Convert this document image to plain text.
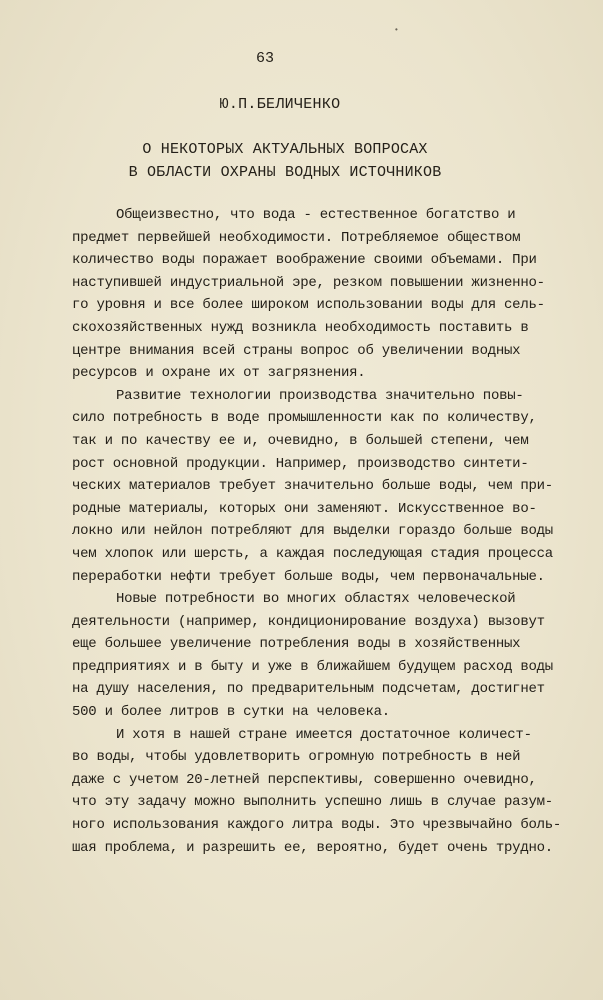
•
63
Ю.П.БЕЛИЧЕНКО
О НЕКОТОРЫХ АКТУАЛЬНЫХ ВОПРОСАХ
В ОБЛАСТИ ОХРАНЫ ВОДНЫХ ИСТОЧНИКОВ
Общеизвестно, что вода - естественное богатство и
предмет первейшей необходимости. Потребляемое обществом
количество воды поражает воображение своими объемами. При
наступившей индустриальной эре, резком повышении жизненно-
го уровня и все более широком использовании воды для сель-
скохозяйственных нужд возникла необходимость поставить в
центре внимания всей страны вопрос об увеличении водных
ресурсов и охране их от загрязнения.
Развитие технологии производства значительно повы-
сило потребность в воде промышленности как по количеству,
так и по качеству ее и, очевидно, в большей степени, чем
рост основной продукции. Например, производство синтети-
ческих материалов требует значительно больше воды, чем при-
родные материалы, которых они заменяют. Искусственное во-
локно или нейлон потребляют для выделки гораздо больше воды
чем хлопок или шерсть, а каждая последующая стадия процесса
переработки нефти требует больше воды, чем первоначальные.
Новые потребности во многих областях человеческой
деятельности (например, кондиционирование воздуха) вызовут
еще большее увеличение потребления воды в хозяйственных
предприятиях и в быту и уже в ближайшем будущем расход воды
на душу населения, по предварительным подсчетам, достигнет
500 и более литров в сутки на человека.
И хотя в нашей стране имеется достаточное количест-
во воды, чтобы удовлетворить огромную потребность в ней
даже с учетом 20-летней перспективы, совершенно очевидно,
что эту задачу можно выполнить успешно лишь в случае разум-
ного использования каждого литра воды. Это чрезвычайно боль-
шая проблема, и разрешить ее, вероятно, будет очень трудно.
